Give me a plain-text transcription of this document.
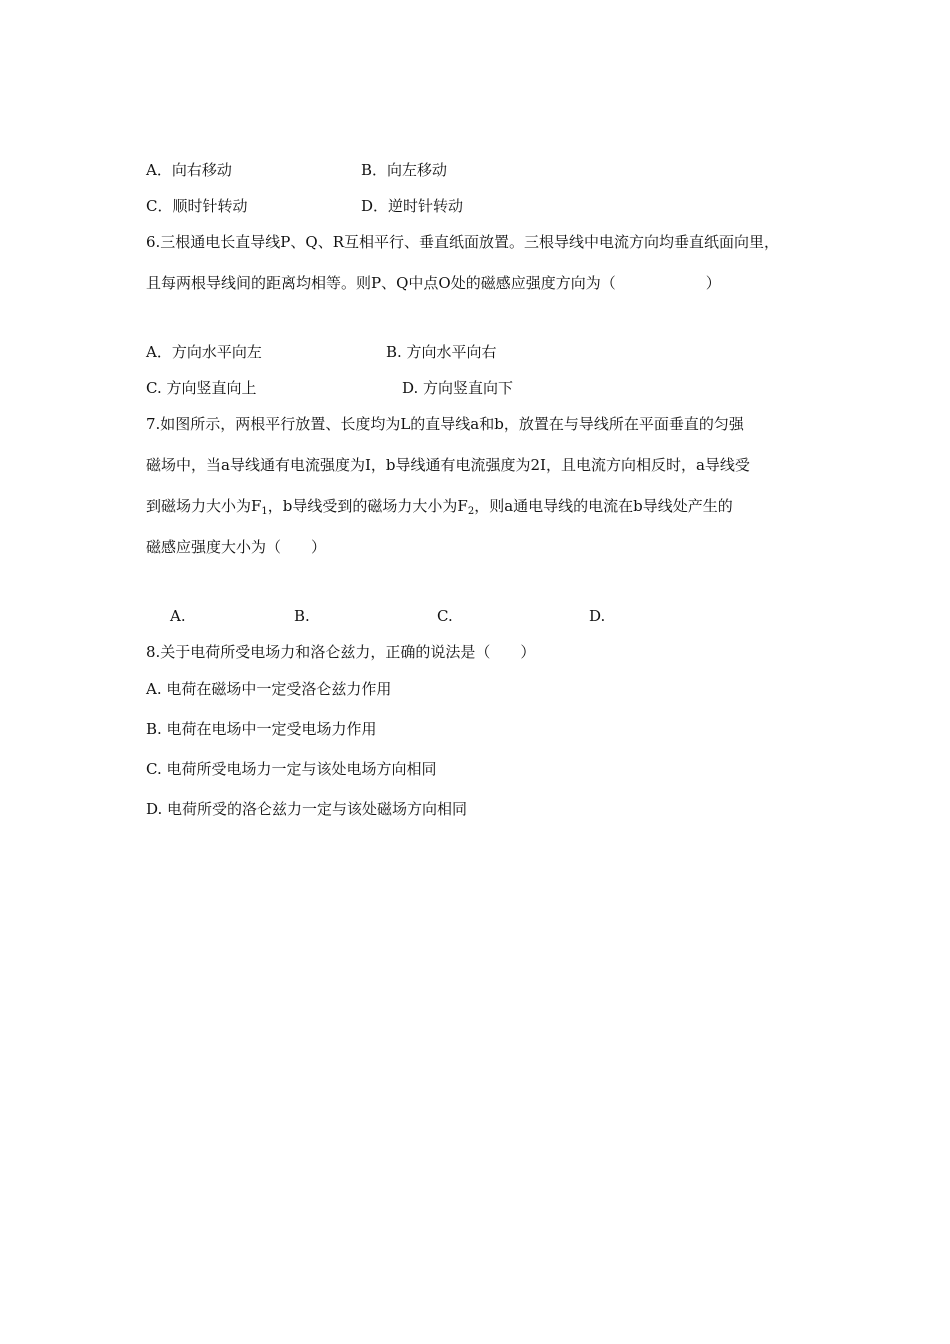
A．向右移动	B．向左移动
C．顺时针转动	D．逆时针转动
6.三根通电长直导线P、Q、R互相平行、垂直纸面放置。三根导线中电流方向均垂直纸面向里，
且每两根导线间的距离均相等。则P、Q中点O处的磁感应强度方向为（　　　　　　）
A．方向水平向左	B. 方向水平向右
C. 方向竖直向上	D. 方向竖直向下
7.如图所示，两根平行放置、长度均为L的直导线a和b，放置在与导线所在平面垂直的匀强
磁场中，当a导线通有电流强度为I，b导线通有电流强度为2I，且电流方向相反时，a导线受
到磁场力大小为$F_1$，b导线受到的磁场力大小为$F_2$，则a通电导线的电流在b导线处产生的
磁感应强度大小为（　　）
A.	B.	C.	D.
8.关于电荷所受电场力和洛仑兹力，正确的说法是（　　）
A. 电荷在磁场中一定受洛仑兹力作用
B. 电荷在电场中一定受电场力作用
C. 电荷所受电场力一定与该处电场方向相同
D. 电荷所受的洛仑兹力一定与该处磁场方向相同
